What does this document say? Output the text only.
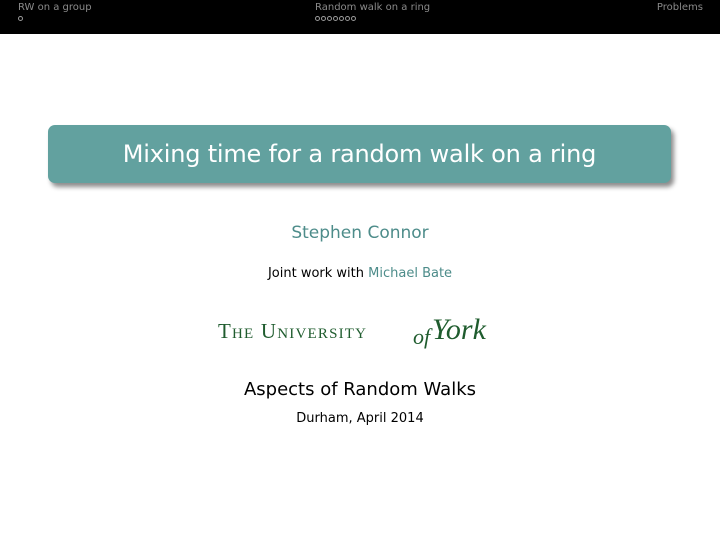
RW on a group	Random walk on a ring	Problems
Mixing time for a random walk on a ring
Stephen Connor
Joint work with Michael Bate
The University of York
Aspects of Random Walks
Durham, April 2014
